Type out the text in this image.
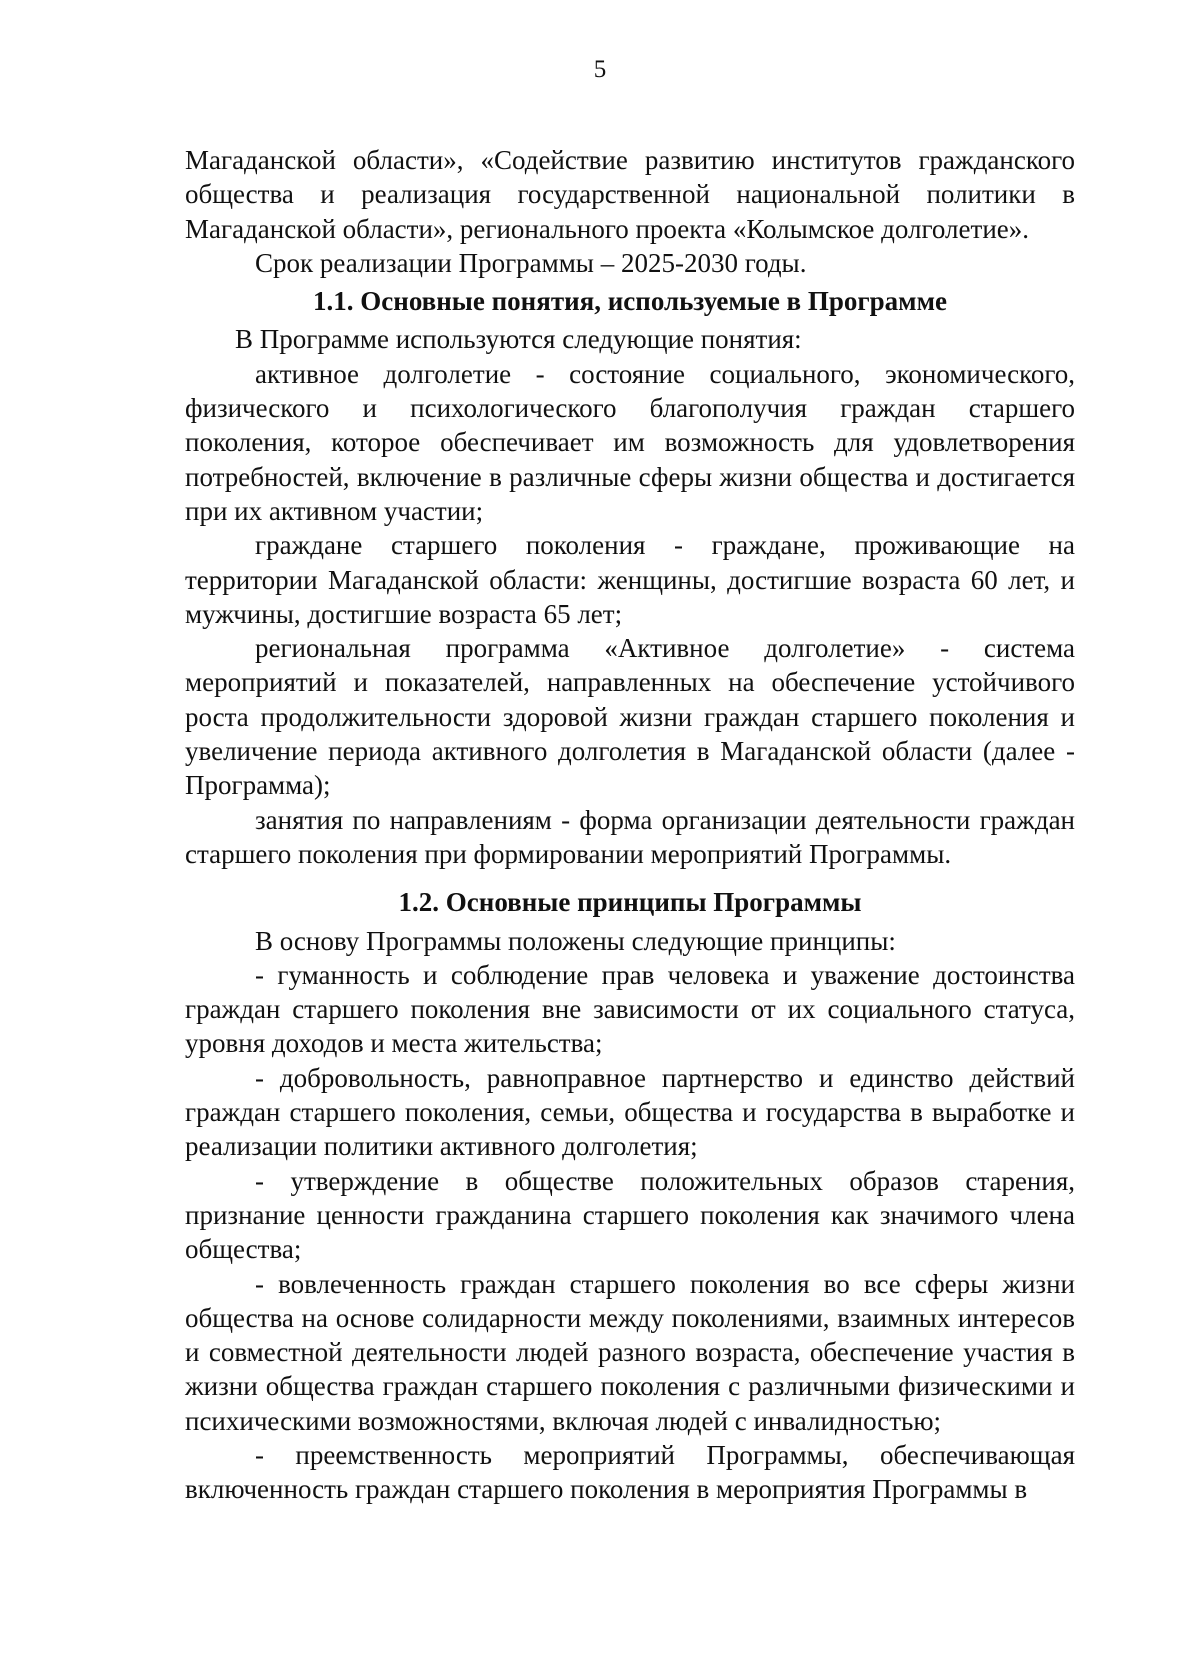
5

Магаданской области», «Содействие развитию институтов гражданского общества и реализация государственной национальной политики в Магаданской области», регионального проекта «Колымское долголетие».

Срок реализации Программы – 2025-2030 годы.

1.1. Основные понятия, используемые в Программе

В Программе используются следующие понятия:

активное долголетие - состояние социального, экономического, физического и психологического благополучия граждан старшего поколения, которое обеспечивает им возможность для удовлетворения потребностей, включение в различные сферы жизни общества и достигается при их активном участии;

граждане старшего поколения - граждане, проживающие на территории Магаданской области: женщины, достигшие возраста 60 лет, и мужчины, достигшие возраста 65 лет;

региональная программа «Активное долголетие» - система мероприятий и показателей, направленных на обеспечение устойчивого роста продолжительности здоровой жизни граждан старшего поколения и увеличение периода активного долголетия в Магаданской области (далее - Программа);

занятия по направлениям - форма организации деятельности граждан старшего поколения при формировании мероприятий Программы.

1.2. Основные принципы Программы

В основу Программы положены следующие принципы:

- гуманность и соблюдение прав человека и уважение достоинства граждан старшего поколения вне зависимости от их социального статуса, уровня доходов и места жительства;

- добровольность, равноправное партнерство и единство действий граждан старшего поколения, семьи, общества и государства в выработке и реализации политики активного долголетия;

- утверждение в обществе положительных образов старения, признание ценности гражданина старшего поколения как значимого члена общества;

- вовлеченность граждан старшего поколения во все сферы жизни общества на основе солидарности между поколениями, взаимных интересов и совместной деятельности людей разного возраста, обеспечение участия в жизни общества граждан старшего поколения с различными физическими и психическими возможностями, включая людей с инвалидностью;

- преемственность мероприятий Программы, обеспечивающая включенность граждан старшего поколения в мероприятия Программы в
